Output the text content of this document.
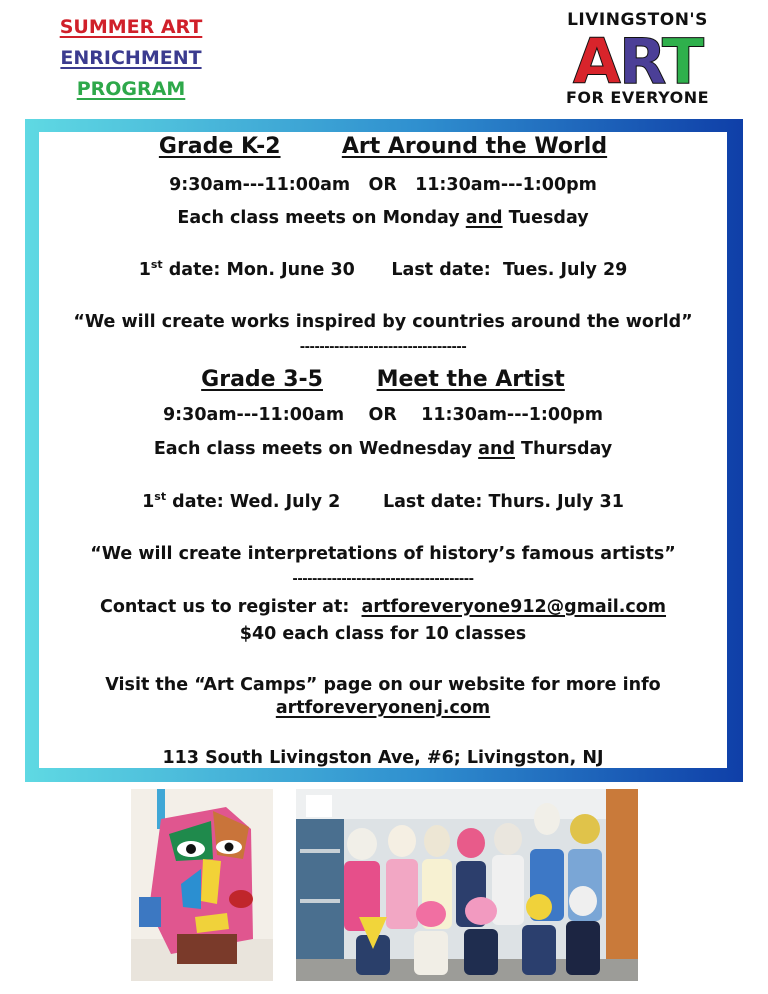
SUMMER ART
ENRICHMENT
PROGRAM
LIVINGSTON'S
ART
FOR EVERYONE
Grade K-2	Art Around the World
9:30am---11:00am   OR   11:30am---1:00pm
Each class meets on Monday and Tuesday
1st date: Mon. June 30 Last date:  Tues. July 29
“We will create works inspired by countries around the world”
----------------------------------
Grade 3-5 Meet the Artist
9:30am---11:00am    OR    11:30am---1:00pm
Each class meets on Wednesday and Thursday
1st date: Wed. July 2 Last date: Thurs. July 31
“We will create interpretations of history’s famous artists”
-------------------------------------
Contact us to register at:  artforeveryone912@gmail.com
$40 each class for 10 classes
Visit the “Art Camps” page on our website for more info
artforeveryonenj.com
113 South Livingston Ave, #6; Livingston, NJ
